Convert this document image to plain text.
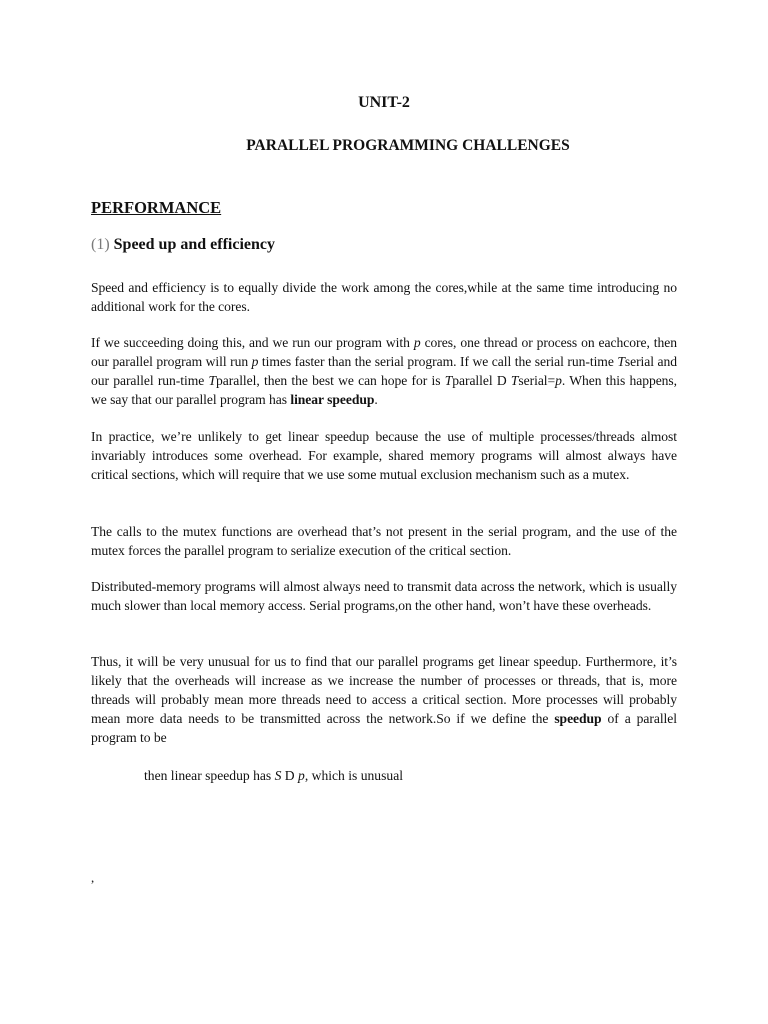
UNIT-2
PARALLEL PROGRAMMING CHALLENGES
PERFORMANCE
(1) Speed up and efficiency

Speed and efficiency is to equally divide the work among the cores,while at the same time introducing no additional work for the cores.

If we succeeding doing this, and we run our program with p cores, one thread or process on eachcore, then our parallel program will run p times faster than the serial program. If we call the serial run-time Tserial and our parallel run-time Tparallel, then the best we can hope for is Tparallel D Tserial=p. When this happens, we say that our parallel program has linear speedup.

In practice, we’re unlikely to get linear speedup because the use of multiple processes/threads almost invariably introduces some overhead. For example, shared memory programs will almost always have critical sections, which will require that we use some mutual exclusion mechanism such as a mutex.

The calls to the mutex functions are overhead that’s not present in the serial program, and the use of the mutex forces the parallel program to serialize execution of the critical section.

Distributed-memory programs will almost always need to transmit data across the network, which is usually much slower than local memory access. Serial programs,on the other hand, won’t have these overheads.

Thus, it will be very unusual for us to find that our parallel programs get linear speedup. Furthermore, it’s likely that the overheads will increase as we increase the number of processes or threads, that is, more threads will probably mean more threads need to access a critical section. More processes will probably mean more data needs to be transmitted across the network.So if we define the speedup of a parallel program to be

then linear speedup has S D p, which is unusual
,
